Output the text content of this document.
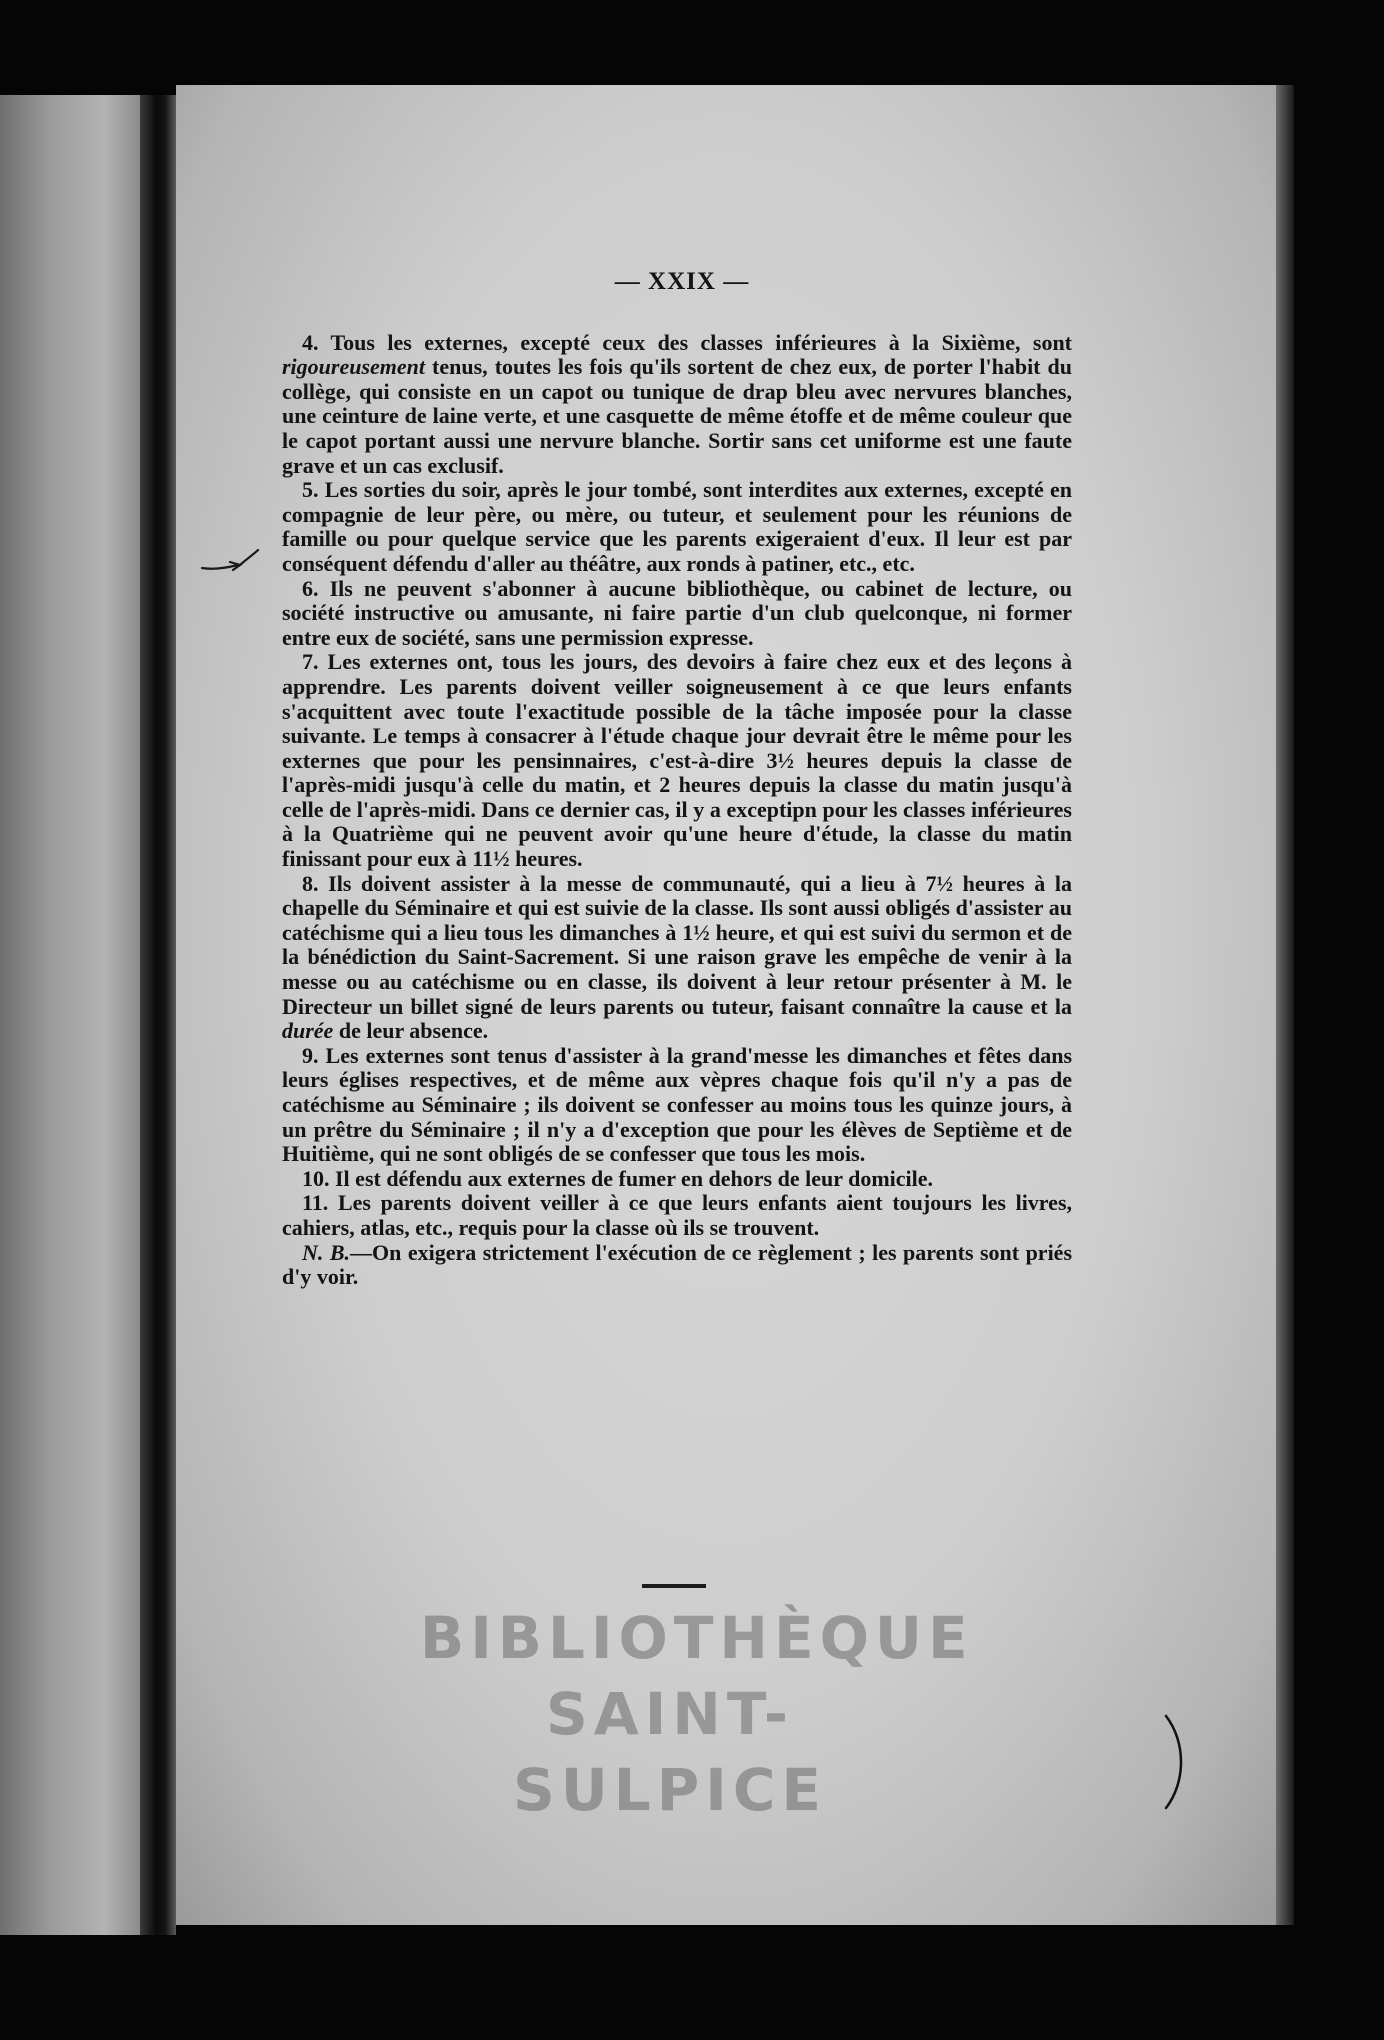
— XXIX —

4. Tous les externes, excepté ceux des classes inférieures à la Sixième, sont rigoureusement tenus, toutes les fois qu'ils sortent de chez eux, de porter l'habit du collège, qui consiste en un capot ou tunique de drap bleu avec nervures blanches, une ceinture de laine verte, et une casquette de même étoffe et de même couleur que le capot portant aussi une nervure blanche. Sortir sans cet uniforme est une faute grave et un cas exclusif.

5. Les sorties du soir, après le jour tombé, sont interdites aux externes, excepté en compagnie de leur père, ou mère, ou tuteur, et seulement pour les réunions de famille ou pour quelque service que les parents exigeraient d'eux. Il leur est par conséquent défendu d'aller au théâtre, aux ronds à patiner, etc., etc.

6. Ils ne peuvent s'abonner à aucune bibliothèque, ou cabinet de lecture, ou société instructive ou amusante, ni faire partie d'un club quelconque, ni former entre eux de société, sans une permission expresse.

7. Les externes ont, tous les jours, des devoirs à faire chez eux et des leçons à apprendre. Les parents doivent veiller soigneusement à ce que leurs enfants s'acquittent avec toute l'exactitude possible de la tâche imposée pour la classe suivante. Le temps à consacrer à l'étude chaque jour devrait être le même pour les externes que pour les pensinnaires, c'est-à-dire 3½ heures depuis la classe de l'après-midi jusqu'à celle du matin, et 2 heures depuis la classe du matin jusqu'à celle de l'après-midi. Dans ce dernier cas, il y a exceptipn pour les classes inférieures à la Quatrième qui ne peuvent avoir qu'une heure d'étude, la classe du matin finissant pour eux à 11½ heures.

8. Ils doivent assister à la messe de communauté, qui a lieu à 7½ heures à la chapelle du Séminaire et qui est suivie de la classe. Ils sont aussi obligés d'assister au catéchisme qui a lieu tous les dimanches à 1½ heure, et qui est suivi du sermon et de la bénédiction du Saint-Sacrement. Si une raison grave les empêche de venir à la messe ou au catéchisme ou en classe, ils doivent à leur retour présenter à M. le Directeur un billet signé de leurs parents ou tuteur, faisant connaître la cause et la durée de leur absence.

9. Les externes sont tenus d'assister à la grand'messe les dimanches et fêtes dans leurs églises respectives, et de même aux vèpres chaque fois qu'il n'y a pas de catéchisme au Séminaire ; ils doivent se confesser au moins tous les quinze jours, à un prêtre du Séminaire ; il n'y a d'exception que pour les élèves de Septième et de Huitième, qui ne sont obligés de se confesser que tous les mois.

10. Il est défendu aux externes de fumer en dehors de leur domicile.

11. Les parents doivent veiller à ce que leurs enfants aient toujours les livres, cahiers, atlas, etc., requis pour la classe où ils se trouvent.

N. B.—On exigera strictement l'exécution de ce règlement ; les parents sont priés d'y voir.

BIBLIOTHÈQUE
SAINT-SULPICE
